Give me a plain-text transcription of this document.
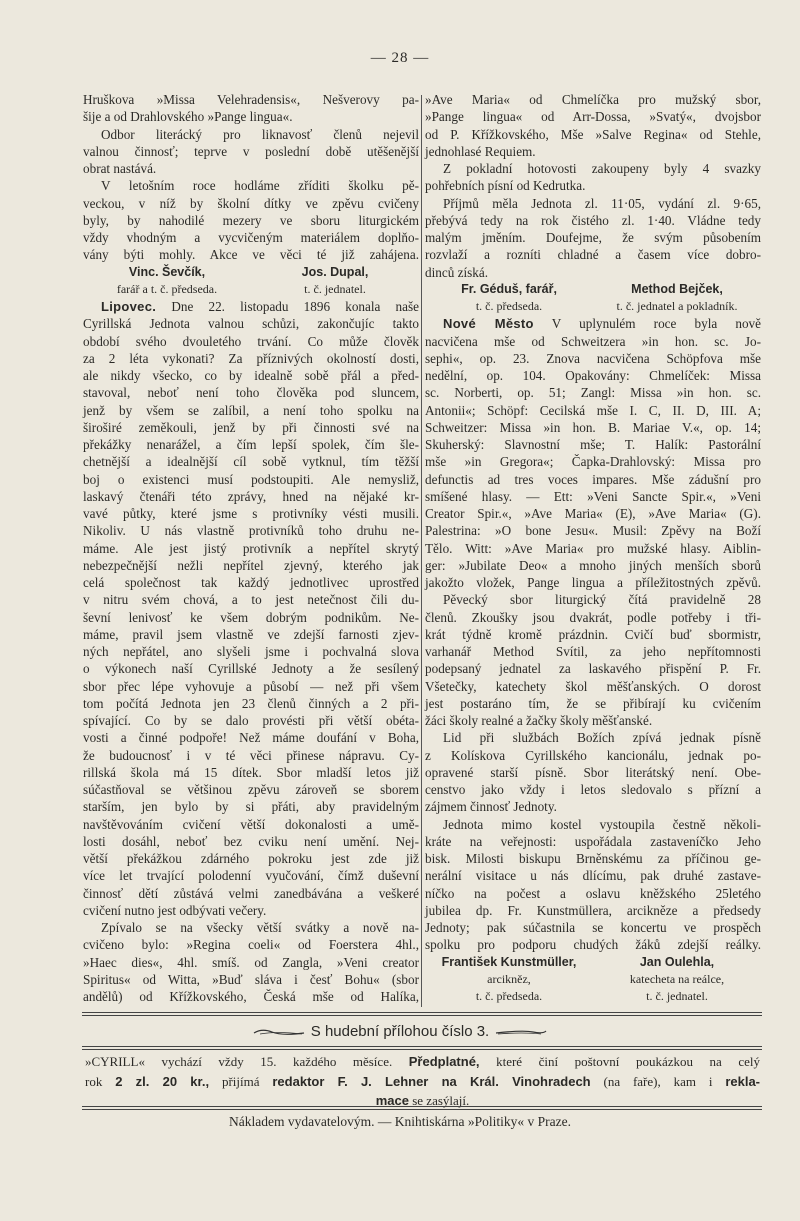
— 28 —
Hruškova »Missa Velehradensis«, Nešverovy pa-
šije a od Drahlovského »Pange lingua«.
Odbor literácký pro liknavosť členů nejevil
valnou činnosť; teprve v poslední době utěšenější
obrat nastává.
V letošním roce hodláme zříditi školku pě-
veckou, v níž by školní dítky ve zpěvu cvičeny
byly, by nahodilé mezery ve sboru liturgickém
vždy vhodným a vycvičeným materiálem doplňo-
vány býti mohly. Akce ve věci té již zahájena.
Vinc. Ševčík,	Jos. Dupal,
farář a t. č. předseda.	t. č. jednatel.
Lipovec. Dne 22. listopadu 1896 konala naše
Cyrillská Jednota valnou schůzi, zakončujíc takto
období svého dvouletého trvání. Co může člověk
za 2 léta vykonati? Za příznivých okolností dosti,
ale nikdy všecko, co by idealně sobě přál a před-
stavoval, neboť není toho člověka pod sluncem,
jenž by všem se zalíbil, a není toho spolku na
široširé zeměkouli, jenž by při činnosti své na
překážky nenarážel, a čím lepší spolek, čím šle-
chetnější a idealnější cíl sobě vytknul, tím těžší
boj o existenci musí podstoupiti. Ale nemysliž,
laskavý čtenáři této zprávy, hned na nějaké kr-
vavé půtky, které jsme s protivníky vésti musili.
Nikoliv. U nás vlastně protivníků toho druhu ne-
máme. Ale jest jistý protivník a nepřítel skrytý
nebezpečnější nežli nepřítel zjevný, kterého jak
celá společnost tak každý jednotlivec uprostřed
v nitru svém chová, a to jest netečnost čili du-
ševní lenivosť ke všem dobrým podnikům. Ne-
máme, pravil jsem vlastně ve zdejší farnosti zjev-
ných nepřátel, ano slyšeli jsme i pochvalná slova
o výkonech naší Cyrillské Jednoty a že sesílený
sbor přec lépe vyhovuje a působí — než při všem
tom počítá Jednota jen 23 členů činných a 2 při-
spívající. Co by se dalo provésti při větší obéta-
vosti a činné podpoře! Než máme doufání v Boha,
že budoucnosť i v té věci přinese nápravu. Cy-
rillská škola má 15 dítek. Sbor mladší letos již
súčastňoval se většinou zpěvu zároveň se sborem
starším, jen bylo by si přáti, aby pravidelným
navštěvováním cvičení větší dokonalosti a umě-
losti dosáhl, neboť bez cviku není umění. Nej-
větší překážkou zdárného pokroku jest zde již
více let trvající polodenní vyučování, čímž duševní
činnosť dětí zůstává velmi zanedbávána a veškeré
cvičení nutno jest odbývati večery.
Zpívalo se na všecky větší svátky a nově na-
cvičeno bylo: »Regina coeli« od Foerstera 4hl.,
»Haec dies«, 4hl. smíš. od Zangla, »Veni creator
Spiritus« od Witta, »Buď sláva i česť Bohu« (sbor
andělů) od Křížkovského, Česká mše od Halíka,
»Ave Maria« od Chmelíčka pro mužský sbor,
»Pange lingua« od Arr-Dossa, »Svatý«, dvojsbor
od P. Křížkovského, Mše »Salve Regina« od Stehle,
jednohlasé Requiem.
Z pokladní hotovosti zakoupeny byly 4 svazky
pohřebních písní od Kedrutka.
Příjmů měla Jednota zl. 11·05, vydání zl. 9·65,
přebývá tedy na rok čistého zl. 1·40. Vládne tedy
malým jměním. Doufejme, že svým působením
rozvlaží a rozníti chladné a časem více dobro-
dinců získá.
Fr. Géduš, farář,	Method Bejček,
t. č. předseda.	t. č. jednatel a pokladník.
Nové Město V uplynulém roce byla nově
nacvičena mše od Schweitzera »in hon. sc. Jo-
sephi«, op. 23. Znova nacvičena Schöpfova mše
nedělní, op. 104. Opakovány: Chmelíček: Missa
sc. Norberti, op. 51; Zangl: Missa »in hon. sc.
Antonii«; Schöpf: Cecilská mše I. C, II. D, III. A;
Schweitzer: Missa »in hon. B. Mariae V.«, op. 14;
Skuherský: Slavnostní mše; T. Halík: Pastorální
mše »in Gregora«; Čapka-Drahlovský: Missa pro
defunctis ad tres voces impares. Mše zádušní pro
smíšené hlasy. — Ett: »Veni Sancte Spir.«, »Veni
Creator Spir.«, »Ave Maria« (E), »Ave Maria« (G).
Palestrina: »O bone Jesu«. Musil: Zpěvy na Boží
Tělo. Witt: »Ave Maria« pro mužské hlasy. Aiblin-
ger: »Jubilate Deo« a mnoho jiných menších sborů
jakožto vložek, Pange lingua a příležitostných zpěvů.
Pěvecký sbor liturgický čítá pravidelně 28
členů. Zkoušky jsou dvakrát, podle potřeby i tři-
krát týdně kromě prázdnin. Cvičí buď sbormistr,
varhanář Method Svítil, za jeho nepřítomnosti
podepsaný jednatel za laskavého přispění P. Fr.
Všetečky, katechety škol měšťanských. O dorost
jest postaráno tím, že se přibírají ku cvičením
žáci školy realné a žačky školy měšťanské.
Lid při službách Božích zpívá jednak písně
z Kolískova Cyrillského kancionálu, jednak po-
opravené starší písně. Sbor literátský není. Obe-
censtvo jako vždy i letos sledovalo s přízní a
zájmem činnosť Jednoty.
Jednota mimo kostel vystoupila čestně několi-
kráte na veřejnosti: uspořádala zastaveníčko Jeho
bisk. Milosti biskupu Brněnskému za příčinou ge-
nerální visitace u nás dlícímu, pak druhé zastave-
níčko na počest a oslavu kněžského 25letého
jubilea dp. Fr. Kunstmüllera, arcikněze a předsedy
Jednoty; pak súčastnila se koncertu ve prospěch
spolku pro podporu chudých žáků zdejší reálky.
František Kunstmüller,	Jan Oulehla,
arcikněz,	katecheta na reálce,
t. č. předseda.	t. č. jednatel.
S hudební přílohou číslo 3.
»CYRILL« vychází vždy 15. každého měsíce. Předplatné, které činí poštovní poukázkou na celý
rok 2 zl. 20 kr., přijímá redaktor F. J. Lehner na Král. Vinohradech (na faře), kam i rekla-
mace se zasýlají.
Nákladem vydavatelovým. — Knihtiskárna »Politiky« v Praze.
